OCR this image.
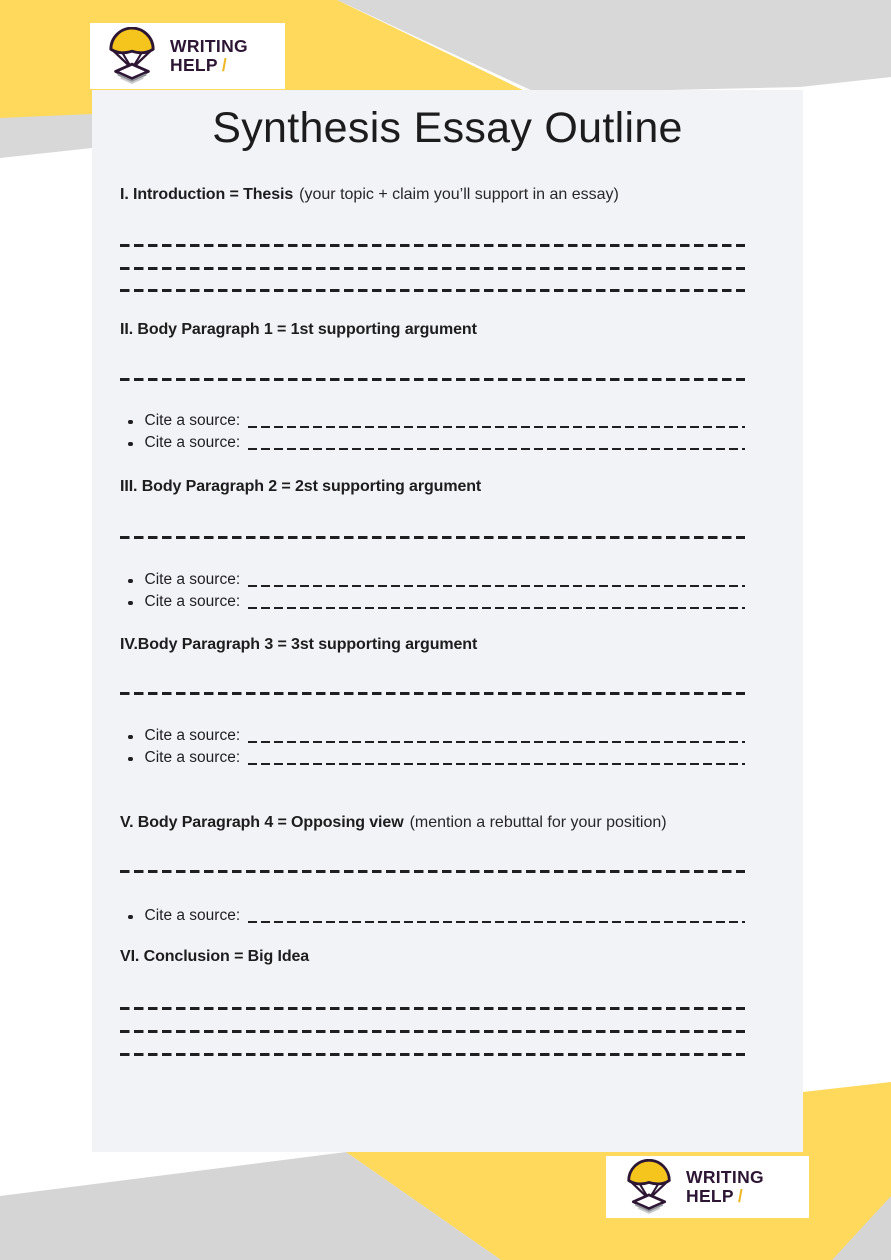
Synthesis Essay Outline
I. Introduction = Thesis (your topic + claim you’ll support in an essay)
II. Body Paragraph 1 = 1st supporting argument
Cite a source:
Cite a source:
III. Body Paragraph 2 = 2st supporting argument
Cite a source:
Cite a source:
IV.Body Paragraph 3 = 3st supporting argument
Cite a source:
Cite a source:
V. Body Paragraph 4 = Opposing view (mention a rebuttal for your position)
Cite a source:
VI. Conclusion = Big Idea
WRITING
HELP /
WRITING
HELP /
